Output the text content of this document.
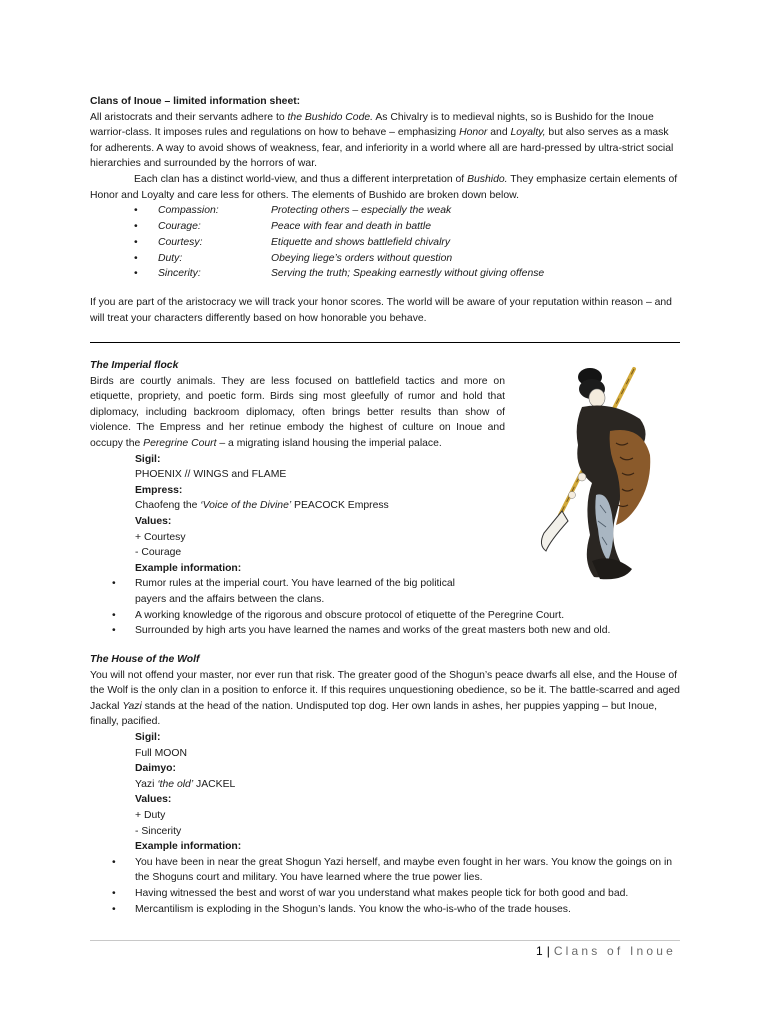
Clans of Inoue – limited information sheet:

All aristocrats and their servants adhere to the Bushido Code. As Chivalry is to medieval nights, so is Bushido for the Inoue warrior-class. It imposes rules and regulations on how to behave – emphasizing Honor and Loyalty, but also serves as a mask for adherents. A way to avoid shows of weakness, fear, and inferiority in a world where all are hard-pressed by ultra-strict social hierarchies and surrounded by the horrors of war.

Each clan has a distinct world-view, and thus a different interpretation of Bushido. They emphasize certain elements of Honor and Loyalty and care less for others. The elements of Bushido are broken down below.

• Compassion:	Protecting others – especially the weak
• Courage:	Peace with fear and death in battle
• Courtesy:	Etiquette and shows battlefield chivalry
• Duty:	Obeying liege’s orders without question
• Sincerity:	Serving the truth; Speaking earnestly without giving offense

If you are part of the aristocracy we will track your honor scores. The world will be aware of your reputation within reason – and will treat your characters differently based on how honorable you behave.

The Imperial flock

Birds are courtly animals. They are less focused on battlefield tactics and more on etiquette, propriety, and poetic form. Birds sing most gleefully of rumor and hold that diplomacy, including backroom diplomacy, often brings better results than show of violence. The Empress and her retinue embody the highest of culture on Inoue and occupy the Peregrine Court – a migrating island housing the imperial palace.

Sigil:

PHOENIX // WINGS and FLAME

Empress:

Chaofeng the ‘Voice of the Divine’ PEACOCK Empress

Values:

+ Courtesy

- Courage

Example information:

• Rumor rules at the imperial court. You have learned of the big political payers and the affairs between the clans.
• A working knowledge of the rigorous and obscure protocol of etiquette of the Peregrine Court.
• Surrounded by high arts you have learned the names and works of the great masters both new and old.

The House of the Wolf

You will not offend your master, nor ever run that risk. The greater good of the Shogun’s peace dwarfs all else, and the House of the Wolf is the only clan in a position to enforce it. If this requires unquestioning obedience, so be it. The battle-scarred and aged Jackal Yazi stands at the head of the nation. Undisputed top dog. Her own lands in ashes, her puppies yapping – but Inoue, finally, pacified.

Sigil:

Full MOON

Daimyo:

Yazi ‘the old’ JACKEL

Values:

+ Duty

- Sincerity

Example information:

• You have been in near the great Shogun Yazi herself, and maybe even fought in her wars. You know the goings on in the Shoguns court and military. You have learned where the true power lies.
• Having witnessed the best and worst of war you understand what makes people tick for both good and bad.
• Mercantilism is exploding in the Shogun’s lands. You know the who-is-who of the trade houses.
1 | Clans of Inoue
